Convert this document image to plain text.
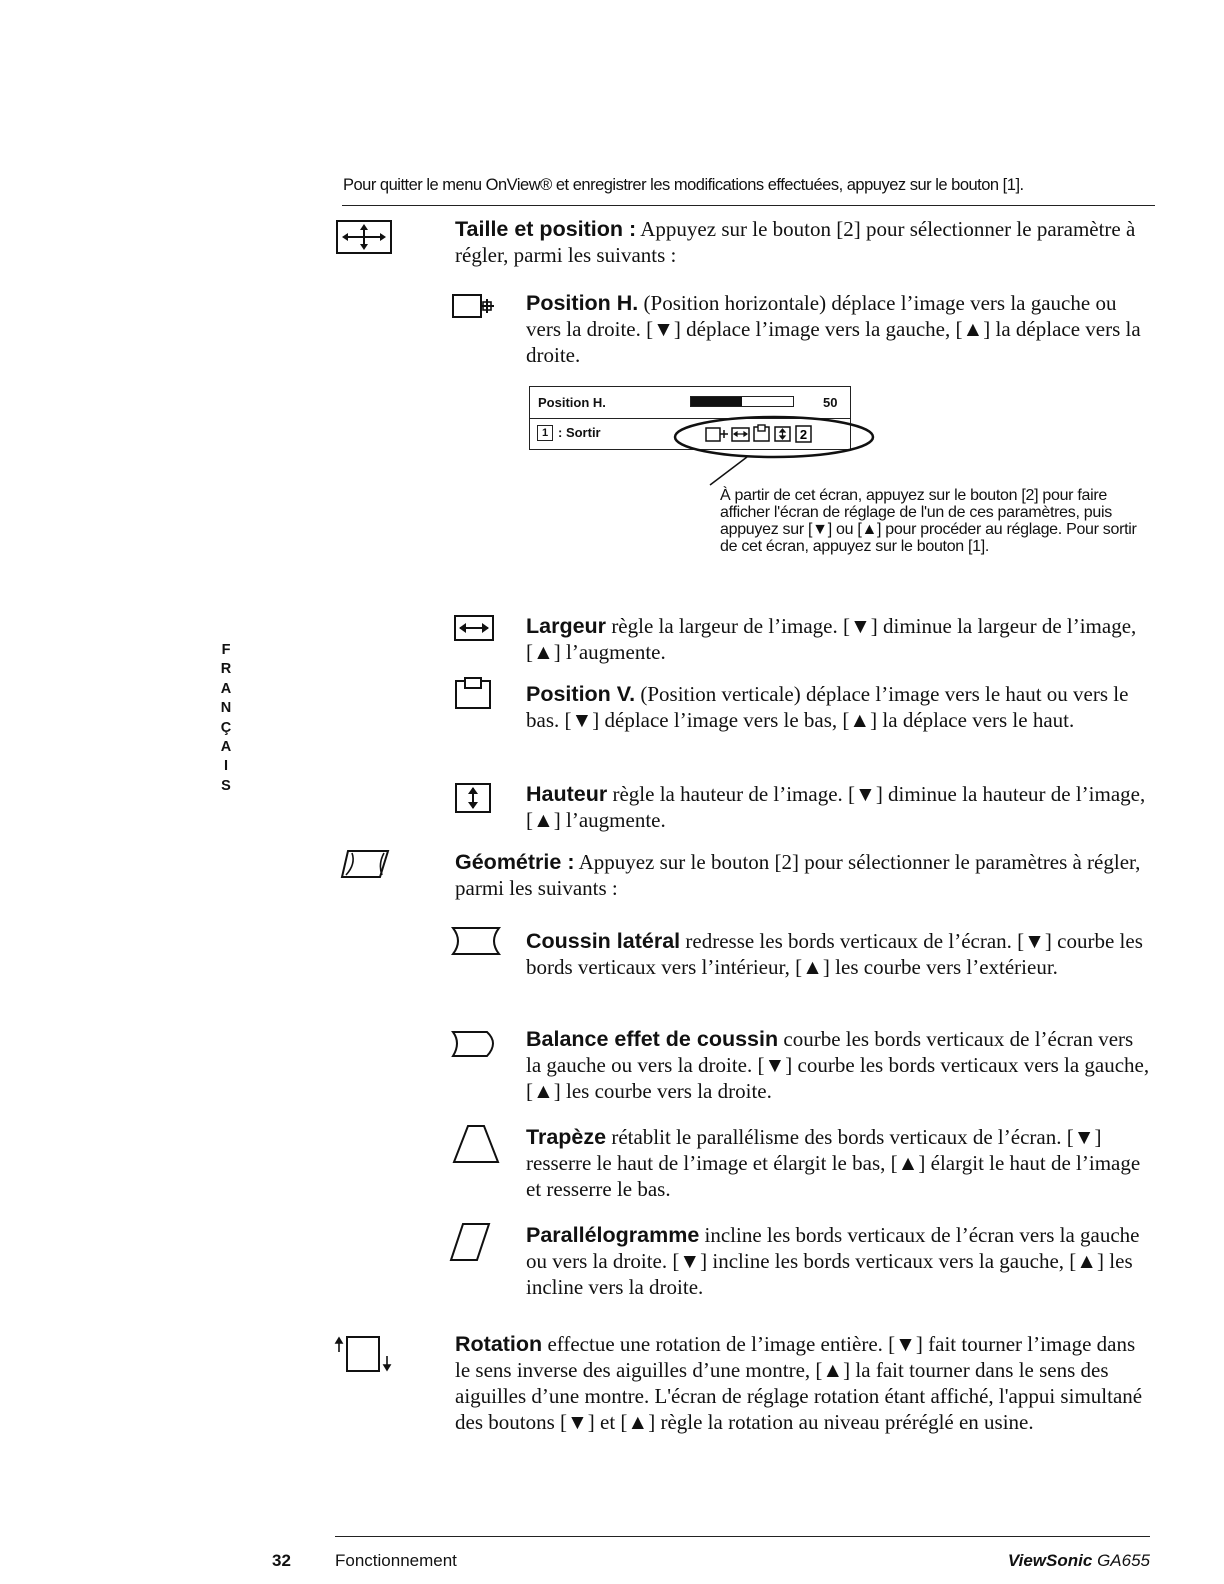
Pour quitter le menu OnView® et enregistrer les modifications effectuées, appuyez sur le bouton [1].
Taille et position : Appuyez sur le bouton [2] pour sélectionner le paramètre à régler, parmi les suivants :
Position H. (Position horizontale) déplace l’image vers la gauche ou vers la droite. [▼] déplace l’image vers la gauche, [▲] la déplace vers la droite.
Position H.	50
1 : Sortir	2
À partir de cet écran, appuyez sur le bouton [2] pour faire afficher l'écran de réglage de l'un de ces paramètres, puis appuyez sur [▼] ou [▲] pour procéder au réglage. Pour sortir de cet écran, appuyez sur le bouton [1].
Largeur règle la largeur de l’image. [▼] diminue la largeur de l’image, [▲] l’augmente.
Position V. (Position verticale) déplace l’image vers le haut ou vers le bas. [▼] déplace l’image vers le bas, [▲] la déplace vers le haut.
Hauteur règle la hauteur de l’image. [▼] diminue la hauteur de l’image, [▲] l’augmente.
Géométrie : Appuyez sur le bouton [2] pour sélectionner le paramètres à régler, parmi les suivants :
Coussin latéral redresse les bords verticaux de l’écran. [▼] courbe les bords verticaux vers l’intérieur, [▲] les courbe vers l’extérieur.
Balance effet de coussin courbe les bords verticaux de l’écran vers la gauche ou vers la droite. [▼] courbe les bords verticaux vers la gauche, [▲] les courbe vers la droite.
Trapèze rétablit le parallélisme des bords verticaux de l’écran. [▼] resserre le haut de l’image et élargit le bas, [▲] élargit le haut de l’image et resserre le bas.
Parallélogramme incline les bords verticaux de l’écran vers la gauche ou vers la droite. [▼] incline les bords verticaux vers la gauche, [▲] les incline vers la droite.
Rotation effectue une rotation de l’image entière. [▼] fait tourner l’image dans le sens inverse des aiguilles d’une montre, [▲] la fait tourner dans le sens des aiguilles d’une montre. L'écran de réglage rotation étant affiché, l'appui simultané des boutons [▼] et [▲] règle la rotation au niveau préréglé en usine.
F
R
A
N
Ç
A
I
S
32	Fonctionnement	ViewSonic GA655
